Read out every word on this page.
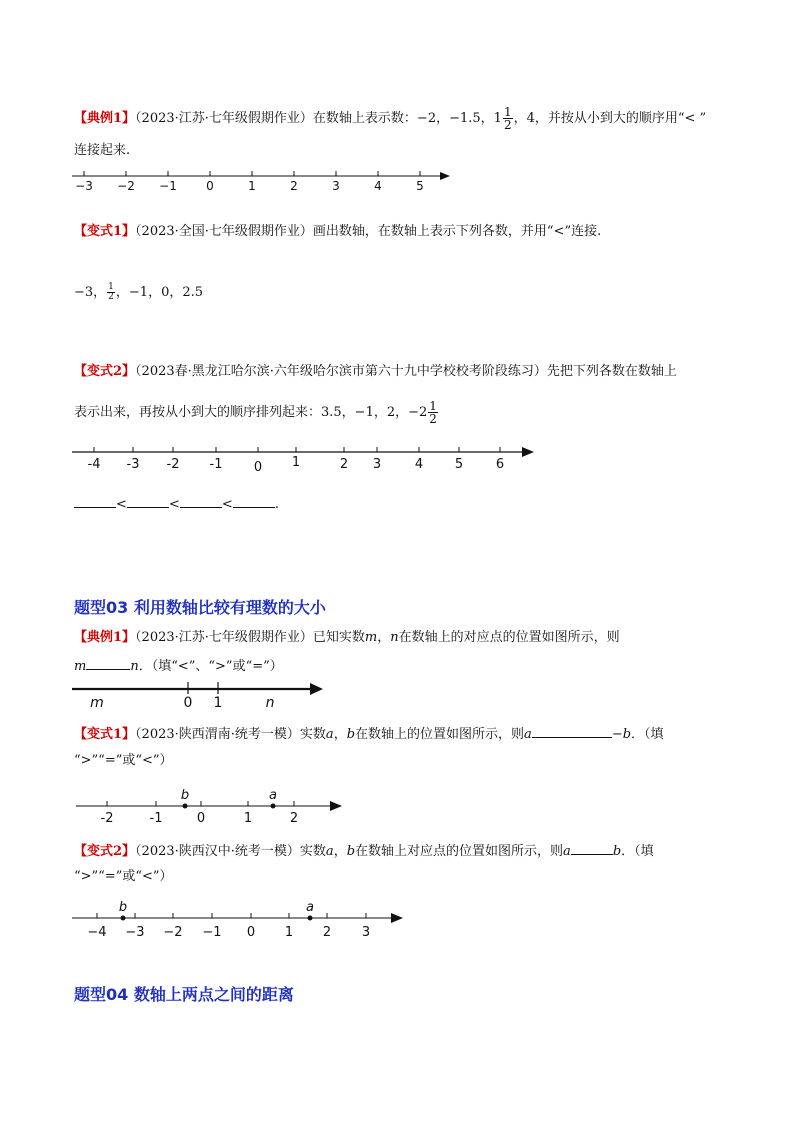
【典例1】（2023·江苏·七年级假期作业）在数轴上表示数：−2，−1.5，$1 \frac{1}{2}$ ，4，并按从小到大的顺序用“< ”
连接起来.
−3 −2 −1 0	1	2	3	4	5
【变式1】（2023·全国·七年级假期作业）画出数轴，在数轴上表示下列各数，并用“<”连接.
−3， $\frac{1}{2}$ ，−1，0，2.5
【变式2】（2023春·黑龙江哈尔滨·六年级哈尔滨市第六十九中学校校考阶段练习）先把下列各数在数轴上
表示出来，再按从小到大的顺序排列起来：3.5，−1，2，$-2 \frac{1}{2}$
-4 -3 -2 -1 0 1	2 3	4 5	6
<	<	<	.
题型03 利用数轴比较有理数的大小
【典例1】（2023·江苏·七年级假期作业）已知实数m，n在数轴上的对应点的位置如图所示，则
m	n．（填“<”、“>”或“=”）
m	0 1	n
【变式1】（2023·陕西渭南·统考一模）实数a，b在数轴上的位置如图所示，则a	−b．（填
“>”“=”或“<”）
-2	-1	0	1	2
b	a
【变式2】（2023·陕西汉中·统考一模）实数a，b在数轴上对应点的位置如图所示，则a	b．（填
“>”“=”或“<”）
−4 −3 −2 −1 0 1 2 3
b	a
题型04 数轴上两点之间的距离
